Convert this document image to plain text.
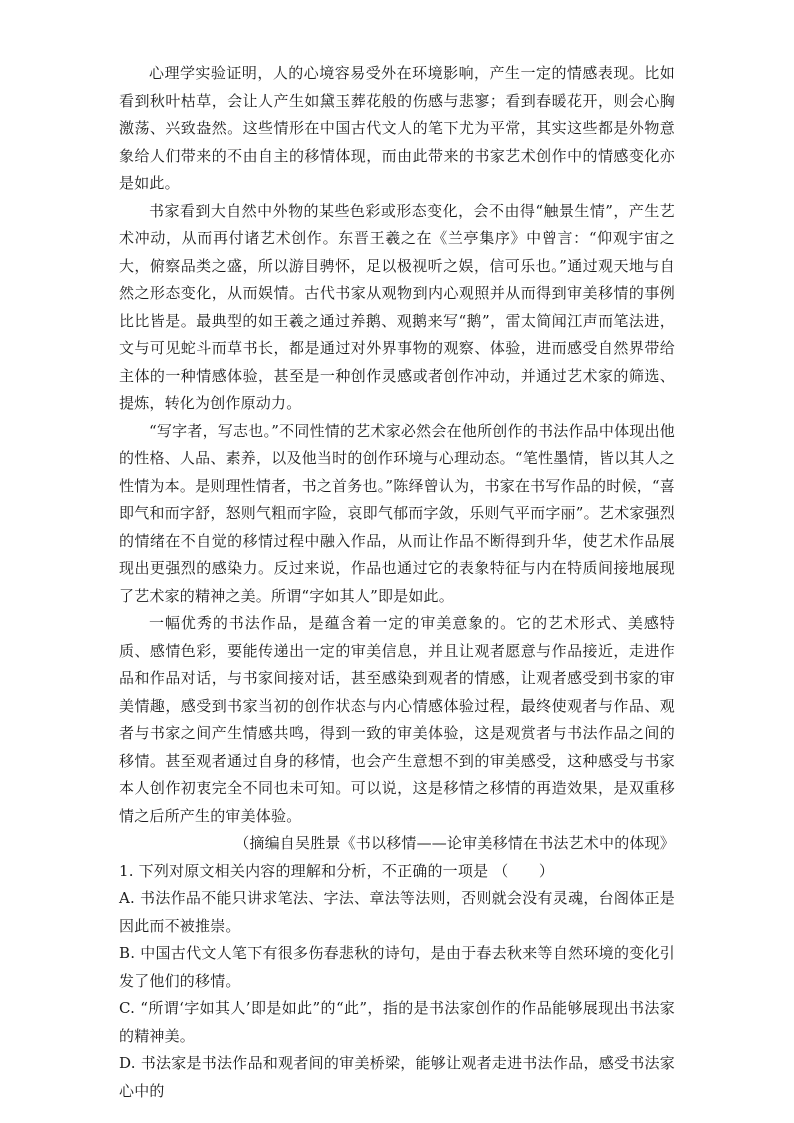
心理学实验证明，人的心境容易受外在环境影响，产生一定的情感表现。比如看到秋叶枯草，会让人产生如黛玉葬花般的伤感与悲寥；看到春暖花开，则会心胸激荡、兴致盎然。这些情形在中国古代文人的笔下尤为平常，其实这些都是外物意象给人们带来的不由自主的移情体现，而由此带来的书家艺术创作中的情感变化亦是如此。

书家看到大自然中外物的某些色彩或形态变化，会不由得“触景生情”，产生艺术冲动，从而再付诸艺术创作。东晋王羲之在《兰亭集序》中曾言：“仰观宇宙之大，俯察品类之盛，所以游目骋怀，足以极视听之娱，信可乐也。”通过观天地与自然之形态变化，从而娱情。古代书家从观物到内心观照并从而得到审美移情的事例比比皆是。最典型的如王羲之通过养鹅、观鹅来写“鹅”，雷太简闻江声而笔法进，文与可见蛇斗而草书长，都是通过对外界事物的观察、体验，进而感受自然界带给主体的一种情感体验，甚至是一种创作灵感或者创作冲动，并通过艺术家的筛选、提炼，转化为创作原动力。

“写字者，写志也。”不同性情的艺术家必然会在他所创作的书法作品中体现出他的性格、人品、素养，以及他当时的创作环境与心理动态。“笔性墨情，皆以其人之性情为本。是则理性情者，书之首务也。”陈绎曾认为，书家在书写作品的时候，“喜即气和而字舒，怒则气粗而字险，哀即气郁而字敛，乐则气平而字丽”。艺术家强烈的情绪在不自觉的移情过程中融入作品，从而让作品不断得到升华，使艺术作品展现出更强烈的感染力。反过来说，作品也通过它的表象特征与内在特质间接地展现了艺术家的精神之美。所谓“字如其人”即是如此。

一幅优秀的书法作品，是蕴含着一定的审美意象的。它的艺术形式、美感特质、感情色彩，要能传递出一定的审美信息，并且让观者愿意与作品接近，走进作品和作品对话，与书家间接对话，甚至感染到观者的情感，让观者感受到书家的审美情趣，感受到书家当初的创作状态与内心情感体验过程，最终使观者与作品、观者与书家之间产生情感共鸣，得到一致的审美体验，这是观赏者与书法作品之间的移情。甚至观者通过自身的移情，也会产生意想不到的审美感受，这种感受与书家本人创作初衷完全不同也未可知。可以说，这是移情之移情的再造效果，是双重移情之后所产生的审美体验。

（摘编自吴胜景《书以移情——论审美移情在书法艺术中的体现》

1. 下列对原文相关内容的理解和分析，不正确的一项是 （　　）

A. 书法作品不能只讲求笔法、字法、章法等法则，否则就会没有灵魂，台阁体正是因此而不被推崇。

B. 中国古代文人笔下有很多伤春悲秋的诗句，是由于春去秋来等自然环境的变化引发了他们的移情。

C. “所谓‘字如其人’即是如此”的“此”，指的是书法家创作的作品能够展现出书法家的精神美。

D. 书法家是书法作品和观者间的审美桥梁，能够让观者走进书法作品，感受书法家心中的
